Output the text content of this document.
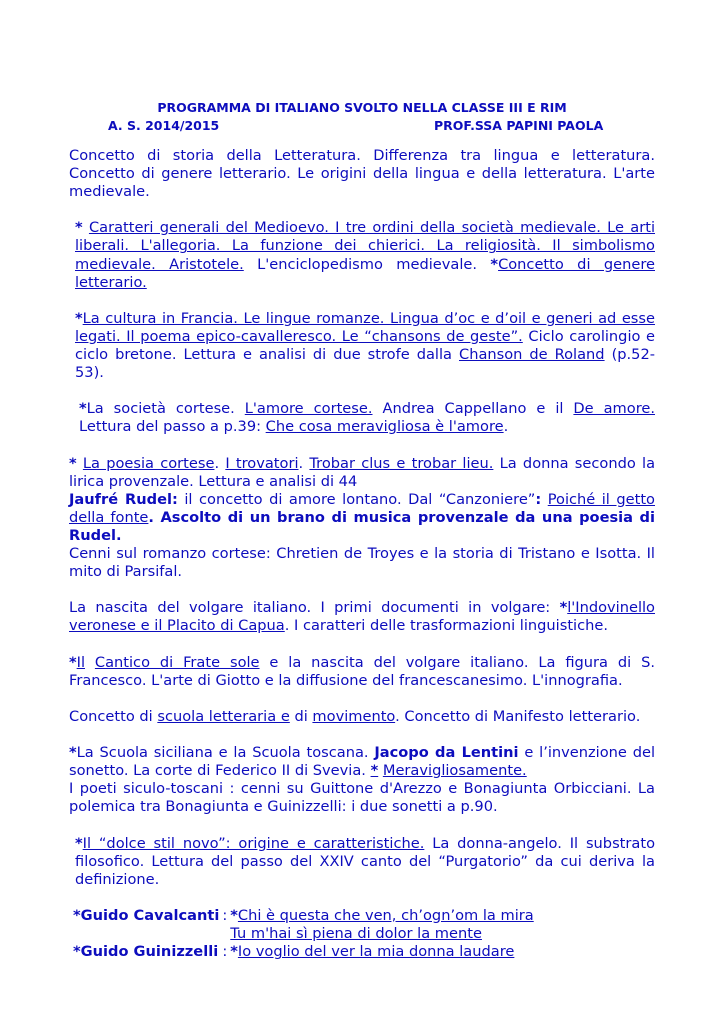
PROGRAMMA DI ITALIANO SVOLTO NELLA CLASSE III E RIM
A. S. 2014/2015	PROF.SSA PAPINI PAOLA

Concetto di storia della Letteratura. Differenza tra lingua e letteratura. Concetto di genere letterario. Le origini della lingua e della letteratura. L'arte medievale.

* Caratteri generali del Medioevo. I tre ordini della società medievale. Le arti liberali. L'allegoria. La funzione dei chierici. La religiosità. Il simbolismo medievale. Aristotele. L'enciclopedismo medievale. *Concetto di genere letterario.

*La cultura in Francia. Le lingue romanze. Lingua d’oc e d’oil e generi ad esse legati. Il poema epico-cavalleresco. Le “chansons de geste”. Ciclo carolingio e ciclo bretone. Lettura e analisi di due strofe dalla Chanson de Roland (p.52-53).

*La società cortese. L'amore cortese. Andrea Cappellano e il De amore. Lettura del passo a p.39: Che cosa meravigliosa è l'amore.

* La poesia cortese. I trovatori. Trobar clus e trobar lieu. La donna secondo la lirica provenzale. Lettura e analisi di 44

Jaufré Rudel: il concetto di amore lontano. Dal “Canzoniere”: Poiché il getto della fonte. Ascolto di un brano di musica provenzale da una poesia di Rudel.

Cenni sul romanzo cortese: Chretien de Troyes e la storia di Tristano e Isotta. Il mito di Parsifal.

La nascita del volgare italiano. I primi documenti in volgare: *l'Indovinello veronese e il Placito di Capua. I caratteri delle trasformazioni linguistiche.

*Il Cantico di Frate sole e la nascita del volgare italiano. La figura di S. Francesco. L'arte di Giotto e la diffusione del francescanesimo. L'innografia.

Concetto di scuola letteraria e di movimento. Concetto di Manifesto letterario.

*La Scuola siciliana e la Scuola toscana. Jacopo da Lentini e l’invenzione del sonetto. La corte di Federico II di Svevia. * Meravigliosamente.

I poeti siculo-toscani : cenni su Guittone d'Arezzo e Bonagiunta Orbicciani. La polemica tra Bonagiunta e Guinizzelli: i due sonetti a p.90.

*Il “dolce stil novo”: origine e caratteristiche. La donna-angelo. Il substrato filosofico. Lettura del passo del XXIV canto del “Purgatorio” da cui deriva la definizione.

*Guido Cavalcanti	:	*Chi è questa che ven, ch’ogn’om la mira
Tu m'hai sì piena di dolor la mente
*Guido Guinizzelli	:	*Io voglio del ver la mia donna laudare
